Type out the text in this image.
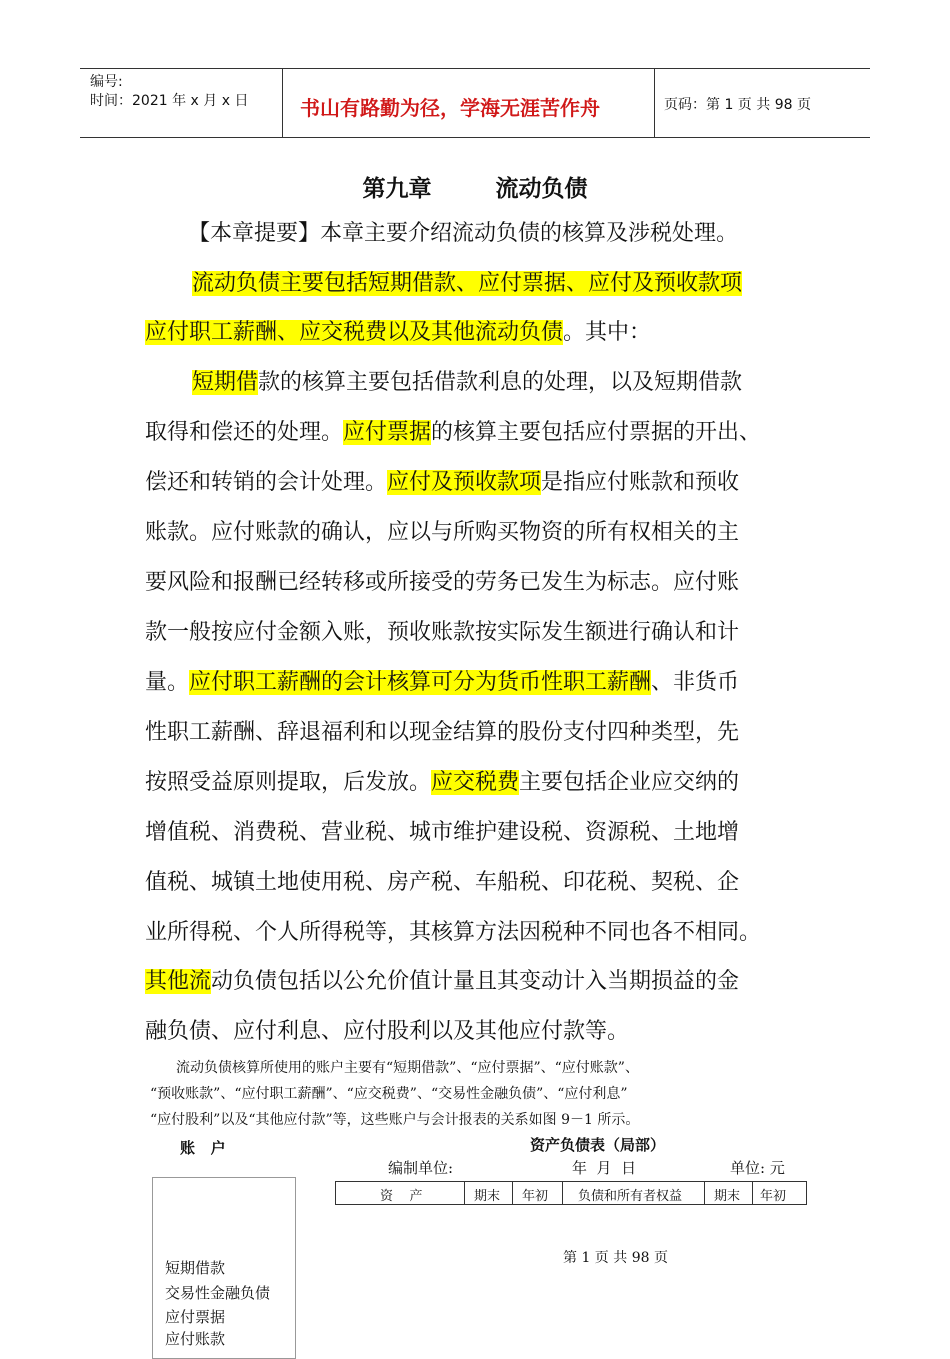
编号:
时间：2021 年 x 月 x 日	书山有路勤为径，学海无涯苦作舟	页码：第 1 页 共 98 页
第九章        流动负债
【本章提要】本章主要介绍流动负债的核算及涉税处理。
流动负债主要包括短期借款、应付票据、应付及预收款项
应付职工薪酬、应交税费以及其他流动负债。其中：
短期借款的核算主要包括借款利息的处理，以及短期借款
取得和偿还的处理。应付票据的核算主要包括应付票据的开出、
偿还和转销的会计处理。应付及预收款项是指应付账款和预收
账款。应付账款的确认，应以与所购买物资的所有权相关的主
要风险和报酬已经转移或所接受的劳务已发生为标志。应付账
款一般按应付金额入账，预收账款按实际发生额进行确认和计
量。应付职工薪酬的会计核算可分为货币性职工薪酬、非货币
性职工薪酬、辞退福利和以现金结算的股份支付四种类型，先
按照受益原则提取，后发放。应交税费主要包括企业应交纳的
增值税、消费税、营业税、城市维护建设税、资源税、土地增
值税、城镇土地使用税、房产税、车船税、印花税、契税、企
业所得税、个人所得税等，其核算方法因税种不同也各不相同。
其他流动负债包括以公允价值计量且其变动计入当期损益的金
融负债、应付利息、应付股利以及其他应付款等。
流动负债核算所使用的账户主要有“短期借款”、“应付票据”、“应付账款”、
“预收账款”、“应付职工薪酬”、“应交税费”、“交易性金融负债”、“应付利息”
“应付股利”以及“其他应付款”等，这些账户与会计报表的关系如图 9－1 所示。
账   户	资产负债表（局部）
编制单位:	年  月  日	单位: 元
资    产	期末 年初 负债和所有者权益 期末 年初
短期借款
交易性金融负债
应付票据
应付账款
第 1 页 共 98 页
